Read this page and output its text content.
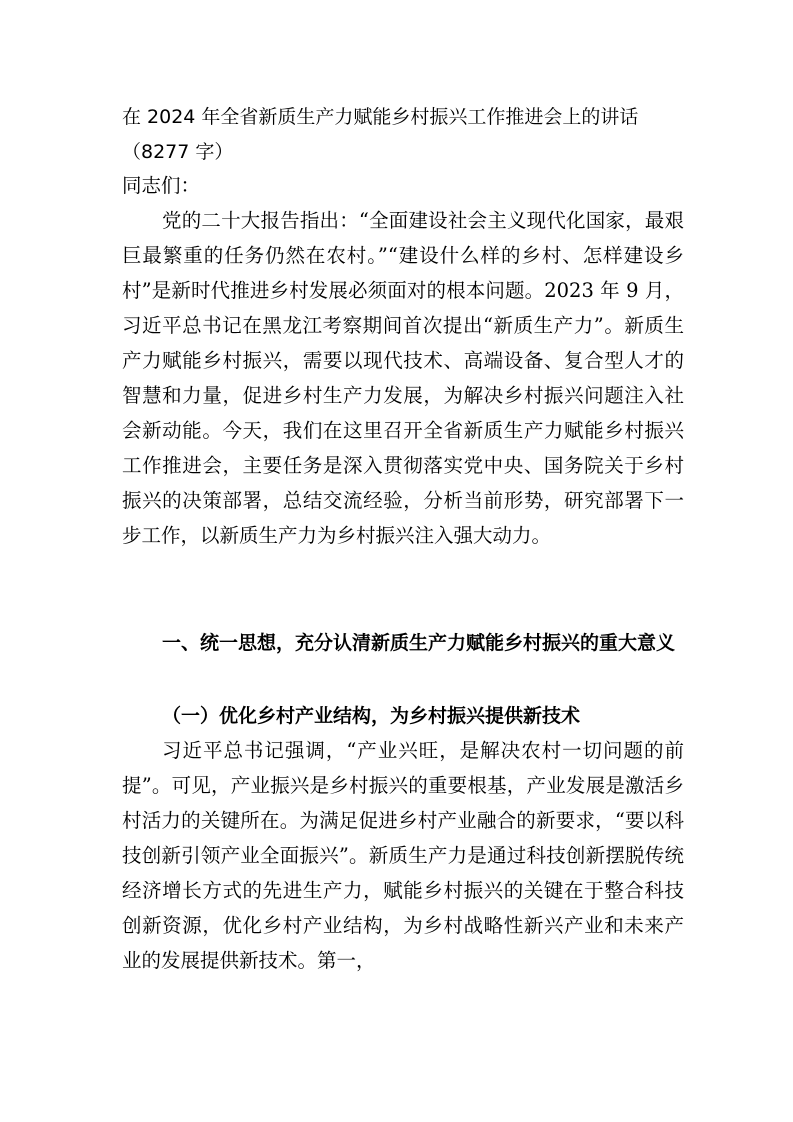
在 2024 年全省新质生产力赋能乡村振兴工作推进会上的讲话（8277 字）

同志们：

党的二十大报告指出：“全面建设社会主义现代化国家，最艰巨最繁重的任务仍然在农村。”“建设什么样的乡村、怎样建设乡村”是新时代推进乡村发展必须面对的根本问题。2023 年 9 月，习近平总书记在黑龙江考察期间首次提出“新质生产力”。新质生产力赋能乡村振兴，需要以现代技术、高端设备、复合型人才的智慧和力量，促进乡村生产力发展，为解决乡村振兴问题注入社会新动能。今天，我们在这里召开全省新质生产力赋能乡村振兴工作推进会，主要任务是深入贯彻落实党中央、国务院关于乡村振兴的决策部署，总结交流经验，分析当前形势，研究部署下一步工作，以新质生产力为乡村振兴注入强大动力。

一、统一思想，充分认清新质生产力赋能乡村振兴的重大意义
（一）优化乡村产业结构，为乡村振兴提供新技术

习近平总书记强调，“产业兴旺，是解决农村一切问题的前提”。可见，产业振兴是乡村振兴的重要根基，产业发展是激活乡村活力的关键所在。为满足促进乡村产业融合的新要求，“要以科技创新引领产业全面振兴”。新质生产力是通过科技创新摆脱传统经济增长方式的先进生产力，赋能乡村振兴的关键在于整合科技创新资源，优化乡村产业结构，为乡村战略性新兴产业和未来产业的发展提供新技术。第一，
